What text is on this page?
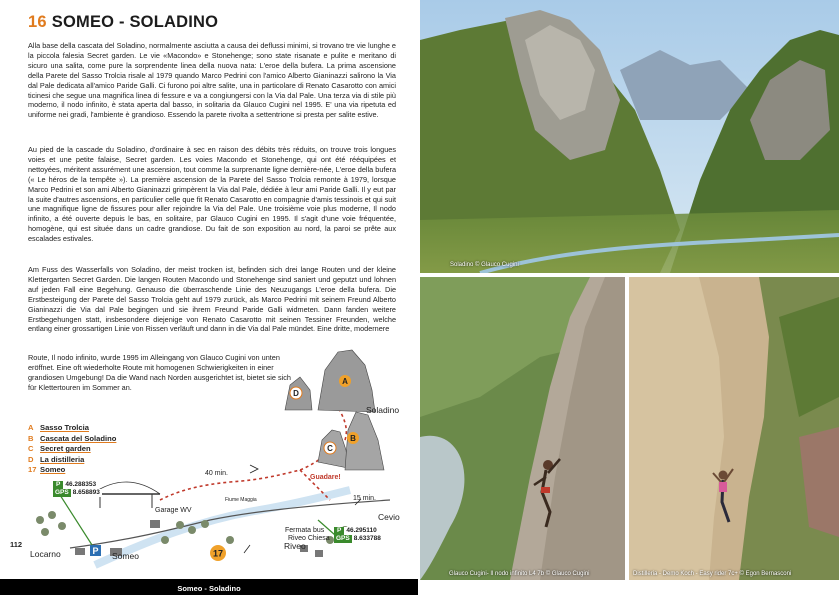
16 SOMEO - SOLADINO

Alla base della cascata del Soladino, normalmente asciutta a causa dei deflussi minimi, si trovano tre vie lunghe e la piccola falesia Secret garden. Le vie «Macondo» e Stonehenge; sono state risanate e pulite e meritano di sicuro una salita, come pure la sorprendente linea della nuova nata: L'eroe della bufera. La prima ascensione della Parete del Sasso Trolcia risale al 1979 quando Marco Pedrini con l'amico Alberto Gianinazzi salirono la Via dal Pale dedicata all'amico Paride Galli. Ci furono poi altre salite, una in particolare di Renato Casarotto con amici ticinesi che segue una magnifica linea di fessure e va a congiungersi con la Via dal Pale. Una terza via di stile più moderno, il nodo infinito, è stata aperta dal basso, in solitaria da Glauco Cugini nel 1995. E' una via ripetuta ed uniforme nei gradi, l'ambiente è grandioso. Essendo la parete rivolta a settentrione si presta per salite estive.

Au pied de la cascade du Soladino, d'ordinaire à sec en raison des débits très réduits, on trouve trois longues voies et une petite falaise, Secret garden. Les voies Macondo et Stonehenge, qui ont été rééquipées et nettoyées, méritent assurément une ascension, tout comme la surprenante ligne dernière-née, L'eroe della bufera (« Le héros de la tempête »). La première ascension de la Parete del Sasso Trolcia remonte à 1979, lorsque Marco Pedrini et son ami Alberto Gianinazzi grimpèrent la Via dal Pale, dédiée à leur ami Paride Galli. Il y eut par la suite d'autres ascensions, en particulier celle que fit Renato Casarotto en compagnie d'amis tessinois et qui suit une magnifique ligne de fissures pour aller rejoindre la Via del Pale. Une troisième voie plus moderne, Il nodo infinito, a été ouverte depuis le bas, en solitaire, par Glauco Cugini en 1995. Il s'agit d'une voie fréquentée, homogène, qui est située dans un cadre grandiose. Du fait de son exposition au nord, la paroi se prête aux escalades estivales.

Am Fuss des Wasserfalls von Soladino, der meist trocken ist, befinden sich drei lange Routen und der kleine Klettergarten Secret Garden. Die langen Routen Macondo und Stonehenge sind saniert und geputzt und lohnen auf jeden Fall eine Begehung. Genauso die überraschende Linie des Neuzugangs L'eroe della bufera. Die Erstbesteigung der Parete del Sasso Trolcia geht auf 1979 zurück, als Marco Pedrini mit seinem Freund Alberto Gianinazzi die Via dal Pale begingen und sie ihrem Freund Paride Galli widmeten. Dann fanden weitere Erstbegehungen statt, insbesondere diejenige von Renato Casarotto mit seinen Tessiner Freunden, welche entlang einer grossartigen Linie von Rissen verläuft und dann in die Via dal Pale mündet. Eine dritte, modernere

Route, Il nodo infinito, wurde 1995 im Alleingang von Glauco Cugini von unten eröffnet. Eine oft wiederholte Route mit homogenen Schwierigkeiten in einer grandiosen Umgebung! Da die Wand nach Norden ausgerichtet ist, bietet sie sich für Klettertouren im Sommer an.

P	17
A
D
B
C
A Sasso Trolcia
B Cascata del Soladino
C Secret garden
D La distilleria
17 Someo
P 46.288353
GPS 8.658893
P 46.295110
GPS 8.633788
Soladino
40 min.
15 min.
Guadare!
Fiume Maggia
Garage WV
Fermata bus
Riveo Chiesa
Cevio
Riveo
Locarno	Someo
112
Someo - Soladino
Soladino © Glauco Cugini
Glauco Cugini- Il nodo infinito L4 7b © Glauco Cugini	Distilleria - Demo Koch - Easy rider 7c+ © Egon Bernasconi
